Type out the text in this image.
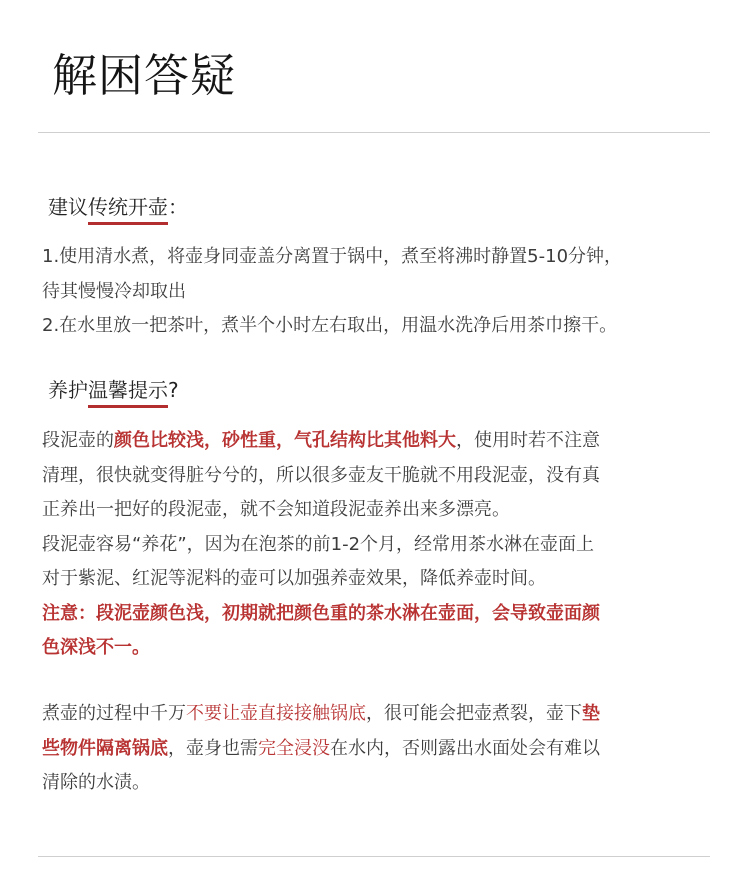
解困答疑
建议传统开壶：
1.使用清水煮，将壶身同壶盖分离置于锅中，煮至将沸时静置5-10分钟，
待其慢慢冷却取出
2.在水里放一把茶叶，煮半个小时左右取出，用温水洗净后用茶巾擦干。
养护温馨提示?
段泥壶的颜色比较浅，砂性重，气孔结构比其他料大，使用时若不注意
清理，很快就变得脏兮兮的，所以很多壶友干脆就不用段泥壶，没有真
正养出一把好的段泥壶，就不会知道段泥壶养出来多漂亮。
段泥壶容易“养花”，因为在泡茶的前1-2个月，经常用茶水淋在壶面上
对于紫泥、红泥等泥料的壶可以加强养壶效果，降低养壶时间。
注意：段泥壶颜色浅，初期就把颜色重的茶水淋在壶面，会导致壶面颜
色深浅不一。
煮壶的过程中千万不要让壶直接接触锅底，很可能会把壶煮裂，壶下垫
些物件隔离锅底，壶身也需完全浸没在水内，否则露出水面处会有难以
清除的水渍。
